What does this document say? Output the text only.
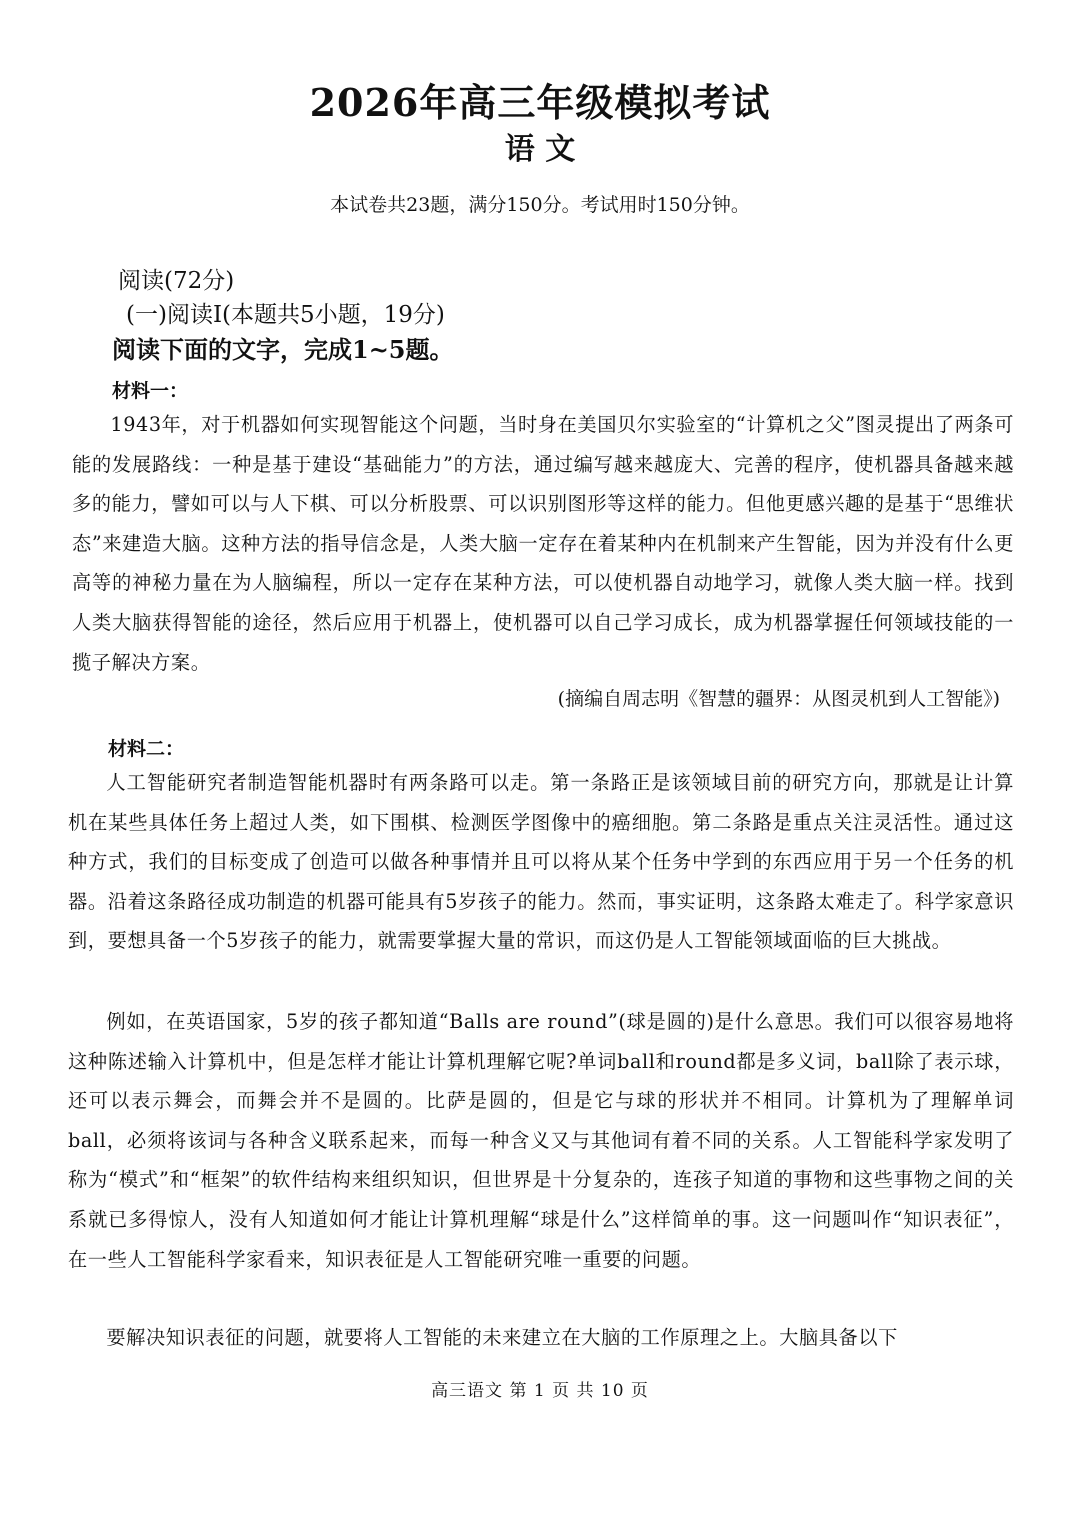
2026年高三年级模拟考试
语 文
本试卷共23题，满分150分。考试用时150分钟。
阅读(72分)
(一)阅读Ⅰ(本题共5小题，19分)
阅读下面的文字，完成1~5题。
材料一：
1943年，对于机器如何实现智能这个问题，当时身在美国贝尔实验室的“计算机之父”图灵提出了两条可能的发展路线：一种是基于建设“基础能力”的方法，通过编写越来越庞大、完善的程序，使机器具备越来越多的能力，譬如可以与人下棋、可以分析股票、可以识别图形等这样的能力。但他更感兴趣的是基于“思维状态”来建造大脑。这种方法的指导信念是，人类大脑一定存在着某种内在机制来产生智能，因为并没有什么更高等的神秘力量在为人脑编程，所以一定存在某种方法，可以使机器自动地学习，就像人类大脑一样。找到人类大脑获得智能的途径，然后应用于机器上，使机器可以自己学习成长，成为机器掌握任何领域技能的一揽子解决方案。
(摘编自周志明《智慧的疆界：从图灵机到人工智能》)
材料二：
人工智能研究者制造智能机器时有两条路可以走。第一条路正是该领域目前的研究方向，那就是让计算机在某些具体任务上超过人类，如下围棋、检测医学图像中的癌细胞。第二条路是重点关注灵活性。通过这种方式，我们的目标变成了创造可以做各种事情并且可以将从某个任务中学到的东西应用于另一个任务的机器。沿着这条路径成功制造的机器可能具有5岁孩子的能力。然而，事实证明，这条路太难走了。科学家意识到，要想具备一个5岁孩子的能力，就需要掌握大量的常识，而这仍是人工智能领域面临的巨大挑战。
例如，在英语国家，5岁的孩子都知道“Balls are round”(球是圆的)是什么意思。我们可以很容易地将这种陈述输入计算机中，但是怎样才能让计算机理解它呢?单词ball和round都是多义词，ball除了表示球，还可以表示舞会，而舞会并不是圆的。比萨是圆的，但是它与球的形状并不相同。计算机为了理解单词ball，必须将该词与各种含义联系起来，而每一种含义又与其他词有着不同的关系。人工智能科学家发明了称为“模式”和“框架”的软件结构来组织知识，但世界是十分复杂的，连孩子知道的事物和这些事物之间的关系就已多得惊人，没有人知道如何才能让计算机理解“球是什么”这样简单的事。这一问题叫作“知识表征”，在一些人工智能科学家看来，知识表征是人工智能研究唯一重要的问题。
要解决知识表征的问题，就要将人工智能的未来建立在大脑的工作原理之上。大脑具备以下
高三语文 第 1 页 共 10 页
